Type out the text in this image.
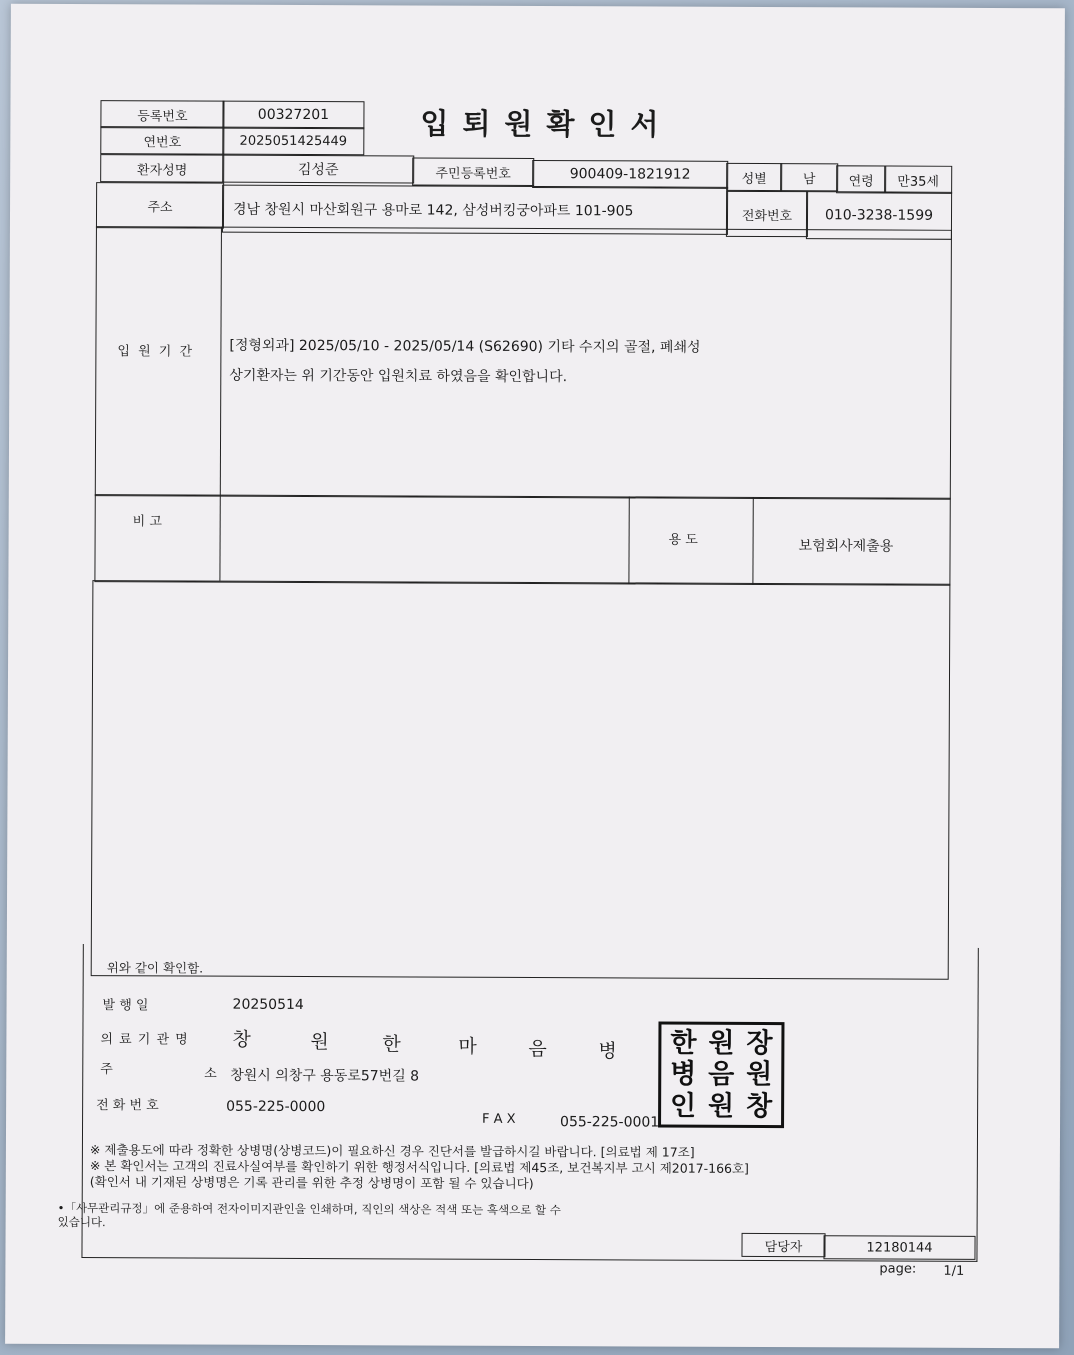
등록번호	00327201
연번호	2025051425449	입퇴원확인서
환자성명	김성준	주민등록번호	900409-1821912	성별	남	연령	만35세
주소	경남 창원시 마산회원구 용마로 142, 삼성버킹궁아파트 101-905	전화번호	010-3238-1599
입 원 기 간	[정형외과] 2025/05/10 - 2025/05/14 (S62690) 기타 수지의 골절, 폐쇄성
상기환자는 위 기간동안 입원치료 하였음을 확인합니다.
비 고
용 도	보험회사제출용
위와 같이 확인함.
발 행 일	20250514
의 료 기 관 명 창	원	한	마	음	병
주	소 창원시 의창구 용동로57번길 8
전 화 번 호	055-225-0000
F A X	055-225-0001
한 원 장
병 음 원
인 원 창
※ 제출용도에 따라 정확한 상병명(상병코드)이 필요하신 경우 진단서를 발급하시길 바랍니다. [의료법 제 17조]
※ 본 확인서는 고객의 진료사실여부를 확인하기 위한 행정서식입니다. [의료법 제45조, 보건복지부 고시 제2017-166호]
(확인서 내 기재된 상병명은 기록 관리를 위한 추정 상병명이 포함 될 수 있습니다)
•「사무관리규정」에 준용하여 전자이미지관인을 인쇄하며, 직인의 색상은 적색 또는 흑색으로 할 수
있습니다.
담당자	12180144
page: 1/1
